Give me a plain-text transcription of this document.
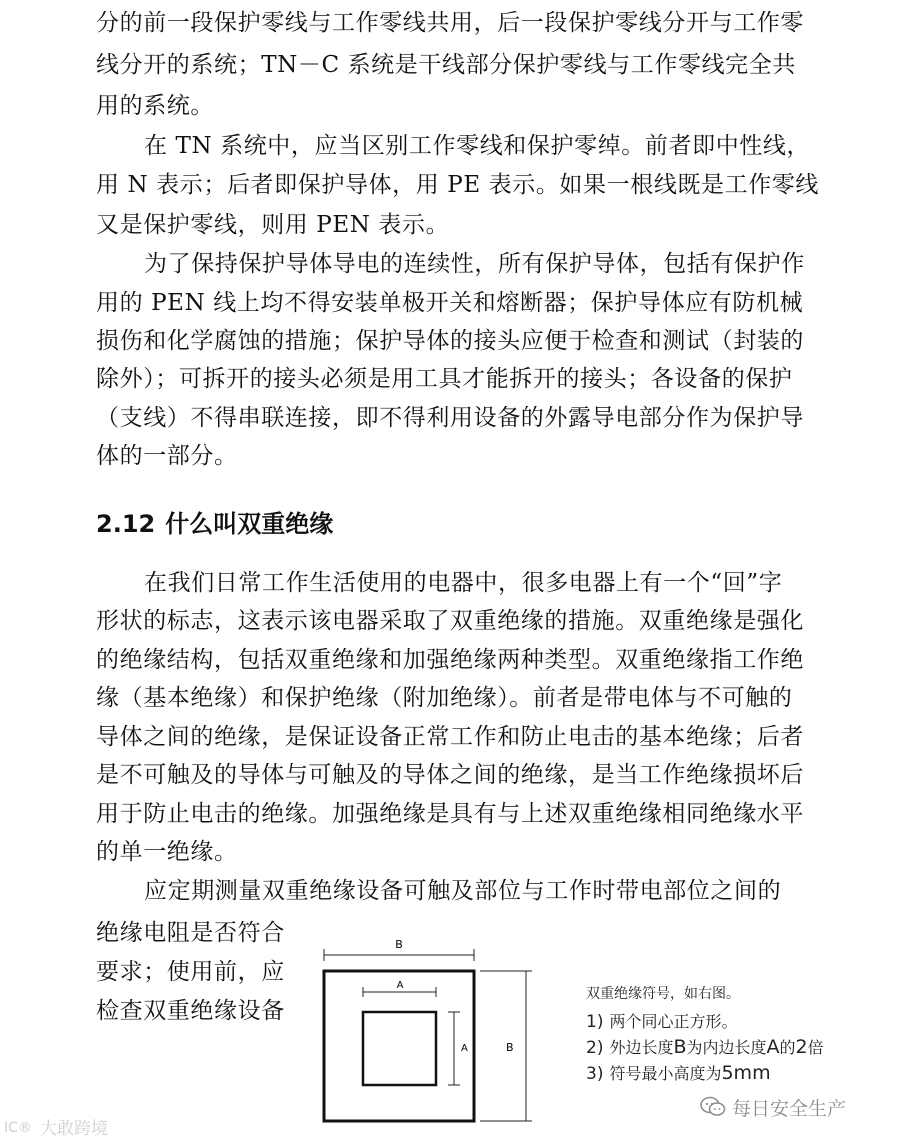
分的前一段保护零线与工作零线共用，后一段保护零线分开与工作零
线分开的系统；TN－C 系统是干线部分保护零线与工作零线完全共
用的系统。
在 TN 系统中，应当区别工作零线和保护零绰。前者即中性线，
用 N 表示；后者即保护导体，用 PE 表示。如果一根线既是工作零线
又是保护零线，则用 PEN 表示。
为了保持保护导体导电的连续性，所有保护导体，包括有保护作
用的 PEN 线上均不得安装单极开关和熔断器；保护导体应有防机械
损伤和化学腐蚀的措施；保护导体的接头应便于检查和测试（封装的
除外）；可拆开的接头必须是用工具才能拆开的接头；各设备的保护
（支线）不得串联连接，即不得利用设备的外露导电部分作为保护导
体的一部分。
2.12 什么叫双重绝缘
在我们日常工作生活使用的电器中，很多电器上有一个“回”字
形状的标志，这表示该电器采取了双重绝缘的措施。双重绝缘是强化
的绝缘结构，包括双重绝缘和加强绝缘两种类型。双重绝缘指工作绝
缘（基本绝缘）和保护绝缘（附加绝缘）。前者是带电体与不可触的
导体之间的绝缘，是保证设备正常工作和防止电击的基本绝缘；后者
是不可触及的导体与可触及的导体之间的绝缘，是当工作绝缘损坏后
用于防止电击的绝缘。加强绝缘是具有与上述双重绝缘相同绝缘水平
的单一绝缘。
应定期测量双重绝缘设备可触及部位与工作时带电部位之间的
绝缘电阻是否符合
要求；使用前，应
检查双重绝缘设备
B
A
A	B
双重绝缘符号，如右图。
1) 两个同心正方形。
2) 外边长度B为内边长度A的2倍
3) 符号最小高度为5mm
IC® 大敢跨境
每日安全生产
